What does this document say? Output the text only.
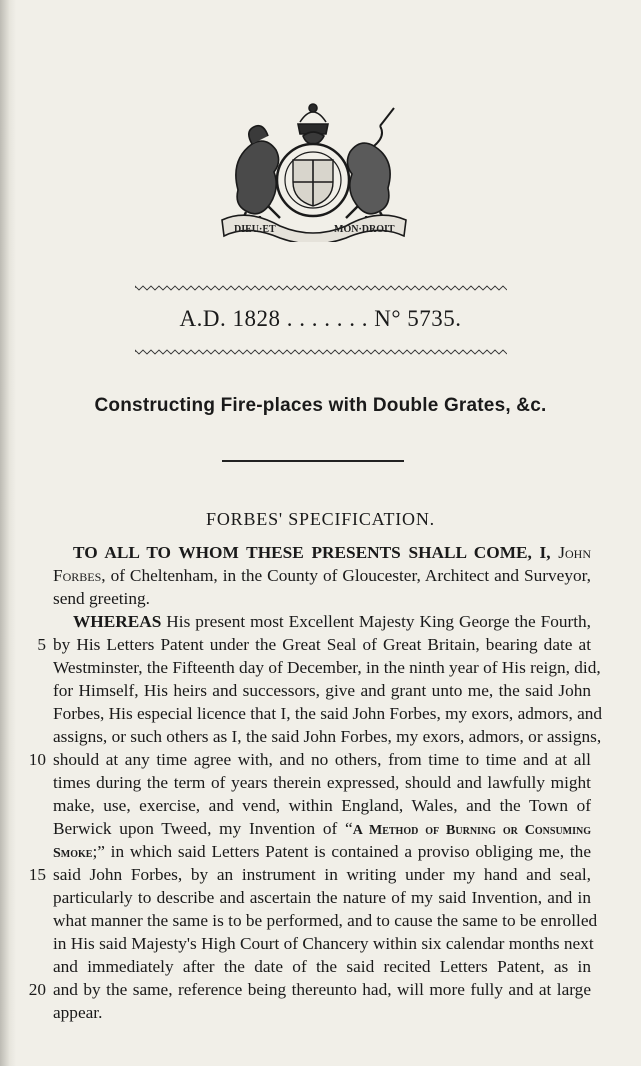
DIEU·ET	MON·DROIT
A.D. 1828 . . . . . . . N° 5735.
Constructing Fire-places with Double Grates, &c.
FORBES' SPECIFICATION.
TO ALL TO WHOM THESE PRESENTS SHALL COME, I, John
Forbes, of Cheltenham, in the County of Gloucester, Architect and Surveyor,
send greeting.
WHEREAS His present most Excellent Majesty King George the Fourth,
5 by His Letters Patent under the Great Seal of Great Britain, bearing date at
Westminster, the Fifteenth day of December, in the ninth year of His reign, did,
for Himself, His heirs and successors, give and grant unto me, the said John
Forbes, His especial licence that I, the said John Forbes, my exors, admors, and
assigns, or such others as I, the said John Forbes, my exors, admors, or assigns,
10 should at any time agree with, and no others, from time to time and at all
times during the term of years therein expressed, should and lawfully might
make, use, exercise, and vend, within England, Wales, and the Town of
Berwick upon Tweed, my Invention of “A Method of Burning or Consuming
Smoke;” in which said Letters Patent is contained a proviso obliging me, the
15 said John Forbes, by an instrument in writing under my hand and seal,
particularly to describe and ascertain the nature of my said Invention, and in
what manner the same is to be performed, and to cause the same to be enrolled
in His said Majesty's High Court of Chancery within six calendar months next
and immediately after the date of the said recited Letters Patent, as in
20 and by the same, reference being thereunto had, will more fully and at large
appear.
